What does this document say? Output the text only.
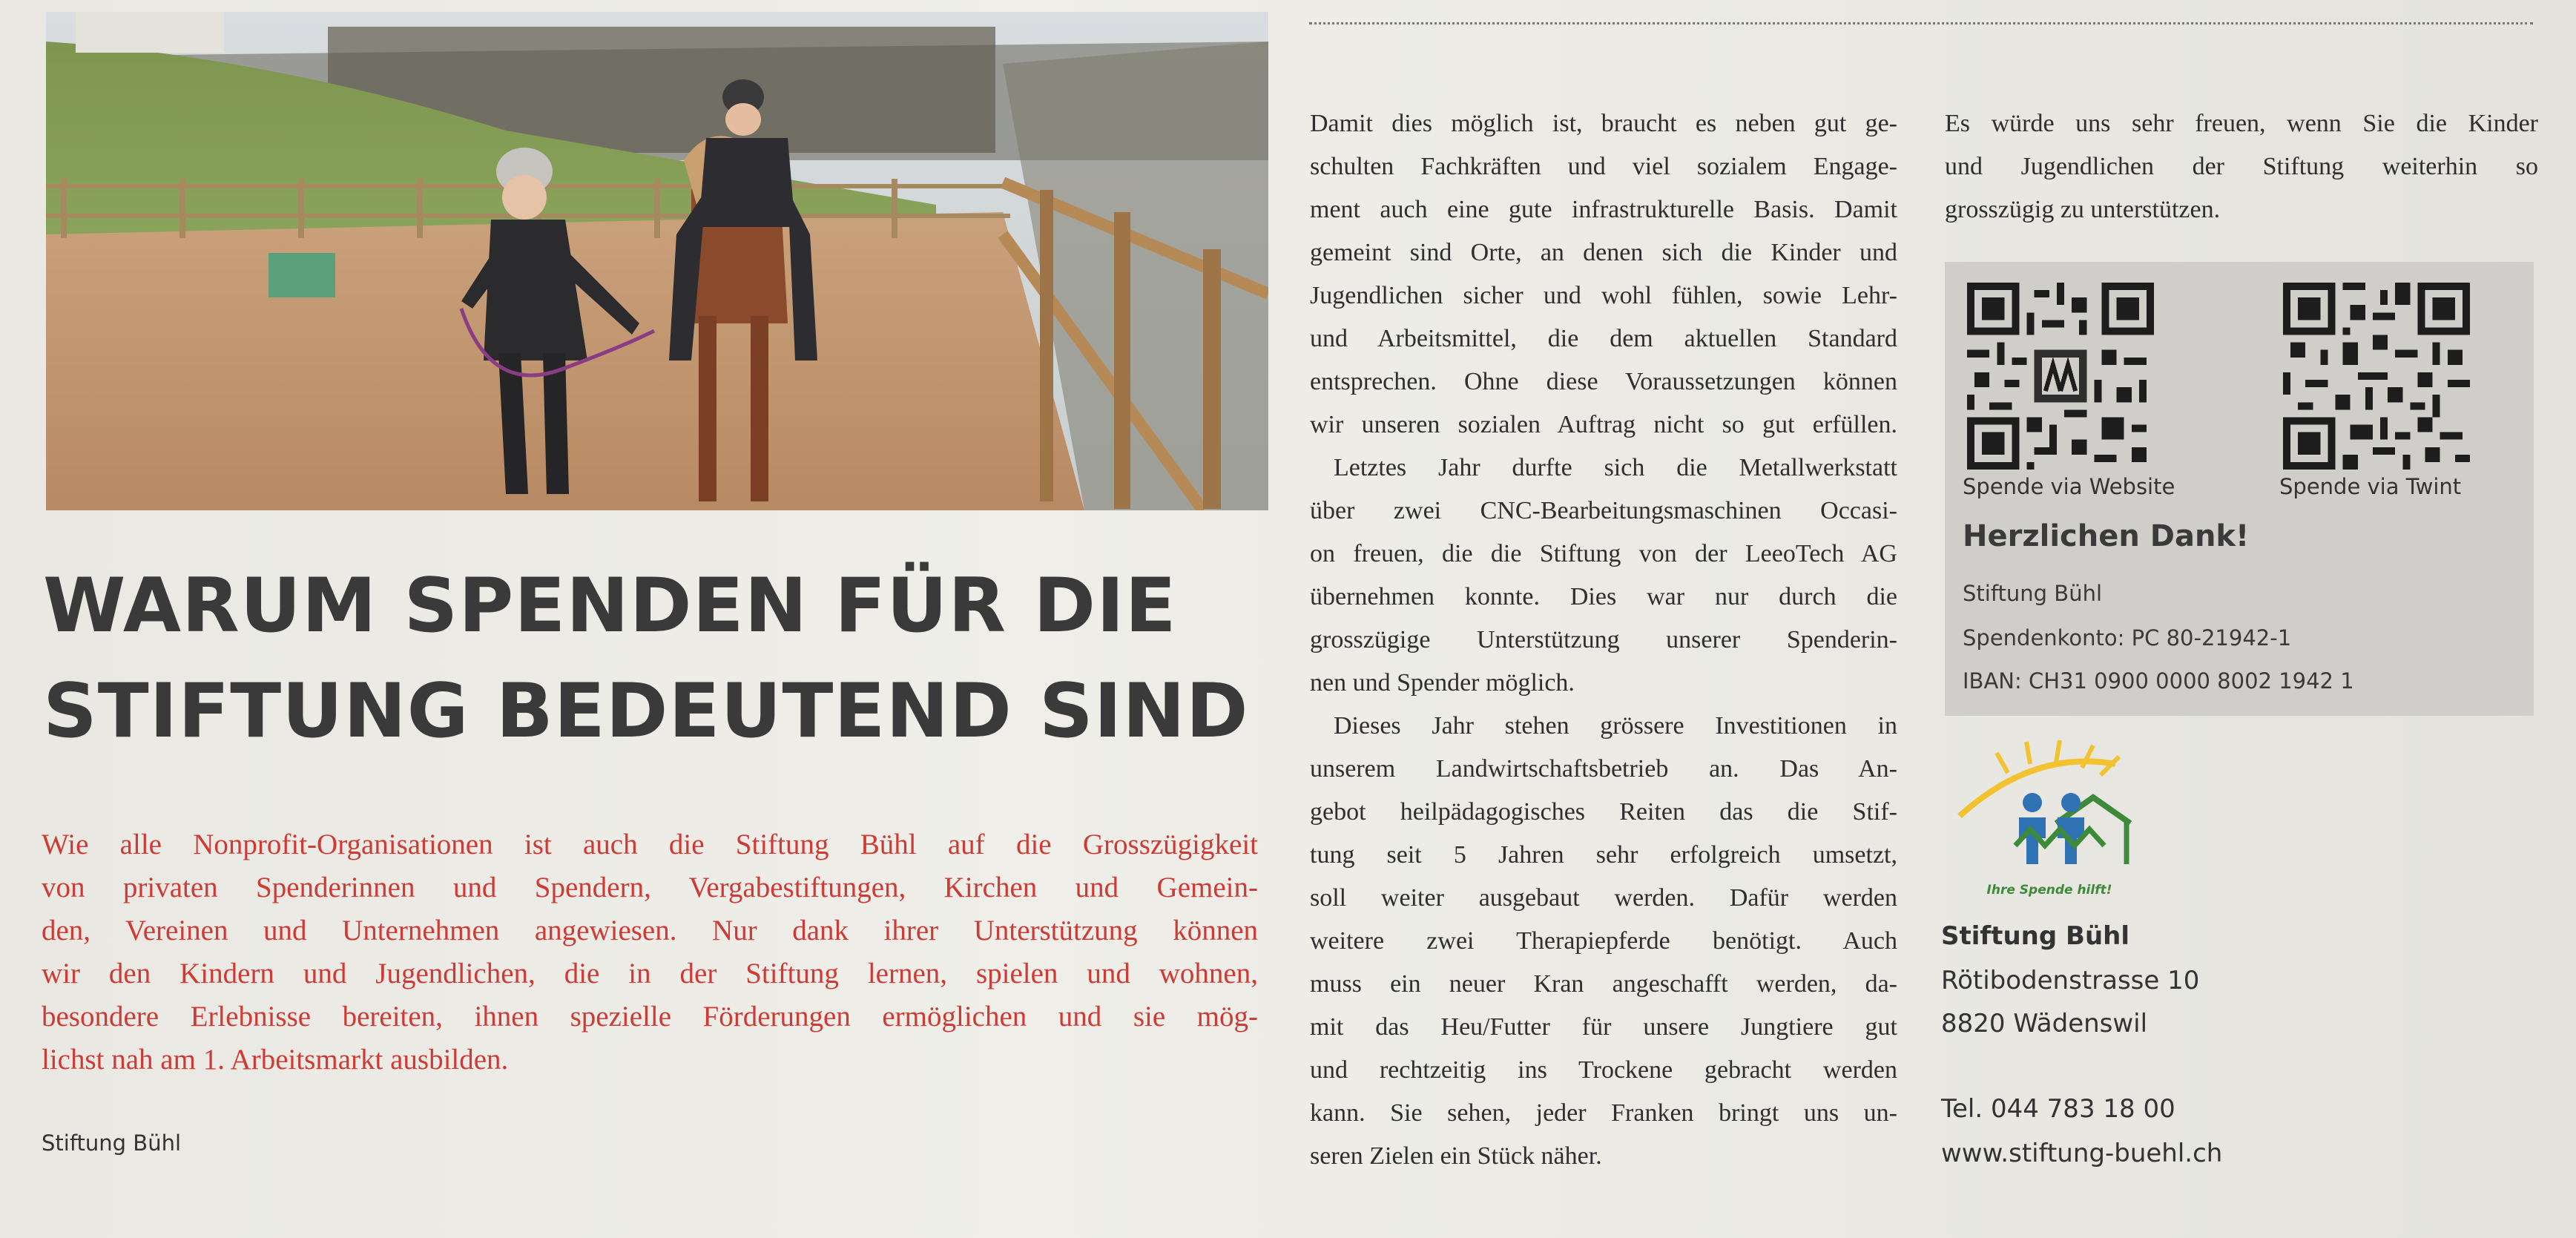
WARUM SPENDEN FÜR DIE
STIFTUNG BEDEUTEND SIND
Wie alle Nonprofit-Organisationen ist auch die Stiftung Bühl auf die Grosszügigkeit
von privaten Spenderinnen und Spendern, Vergabestiftungen, Kirchen und Gemein-
den, Vereinen und Unternehmen angewiesen. Nur dank ihrer Unterstützung können
wir den Kindern und Jugendlichen, die in der Stiftung lernen, spielen und wohnen,
besondere Erlebnisse bereiten, ihnen spezielle Förderungen ermöglichen und sie mög-
lichst nah am 1. Arbeitsmarkt ausbilden.
Stiftung Bühl
Damit dies möglich ist, braucht es neben gut ge-
schulten Fachkräften und viel sozialem Engage-
ment auch eine gute infrastrukturelle Basis. Damit
gemeint sind Orte, an denen sich die Kinder und
Jugendlichen sicher und wohl fühlen, sowie Lehr-
und Arbeitsmittel, die dem aktuellen Standard
entsprechen. Ohne diese Voraussetzungen können
wir unseren sozialen Auftrag nicht so gut erfüllen.
Letztes Jahr durfte sich die Metallwerkstatt
über zwei CNC-Bearbeitungsmaschinen Occasi-
on freuen, die die Stiftung von der LeeoTech AG
übernehmen konnte. Dies war nur durch die
grosszügige Unterstützung unserer Spenderin-
nen und Spender möglich.
Dieses Jahr stehen grössere Investitionen in
unserem Landwirtschaftsbetrieb an. Das An-
gebot heilpädagogisches Reiten das die Stif-
tung seit 5 Jahren sehr erfolgreich umsetzt,
soll weiter ausgebaut werden. Dafür werden
weitere zwei Therapiepferde benötigt. Auch
muss ein neuer Kran angeschafft werden, da-
mit das Heu/Futter für unsere Jungtiere gut
und rechtzeitig ins Trockene gebracht werden
kann. Sie sehen, jeder Franken bringt uns un-
seren Zielen ein Stück näher.
Es würde uns sehr freuen, wenn Sie die Kinder
und Jugendlichen der Stiftung weiterhin so
grosszügig zu unterstützen.
Spende via Website	Spende via Twint
Herzlichen Dank!
Stiftung Bühl
Spendenkonto: PC 80-21942-1
IBAN: CH31 0900 0000 8002 1942 1
Ihre Spende hilft!
Stiftung Bühl
Rötibodenstrasse 10
8820 Wädenswil
Tel. 044 783 18 00
www.stiftung-buehl.ch
